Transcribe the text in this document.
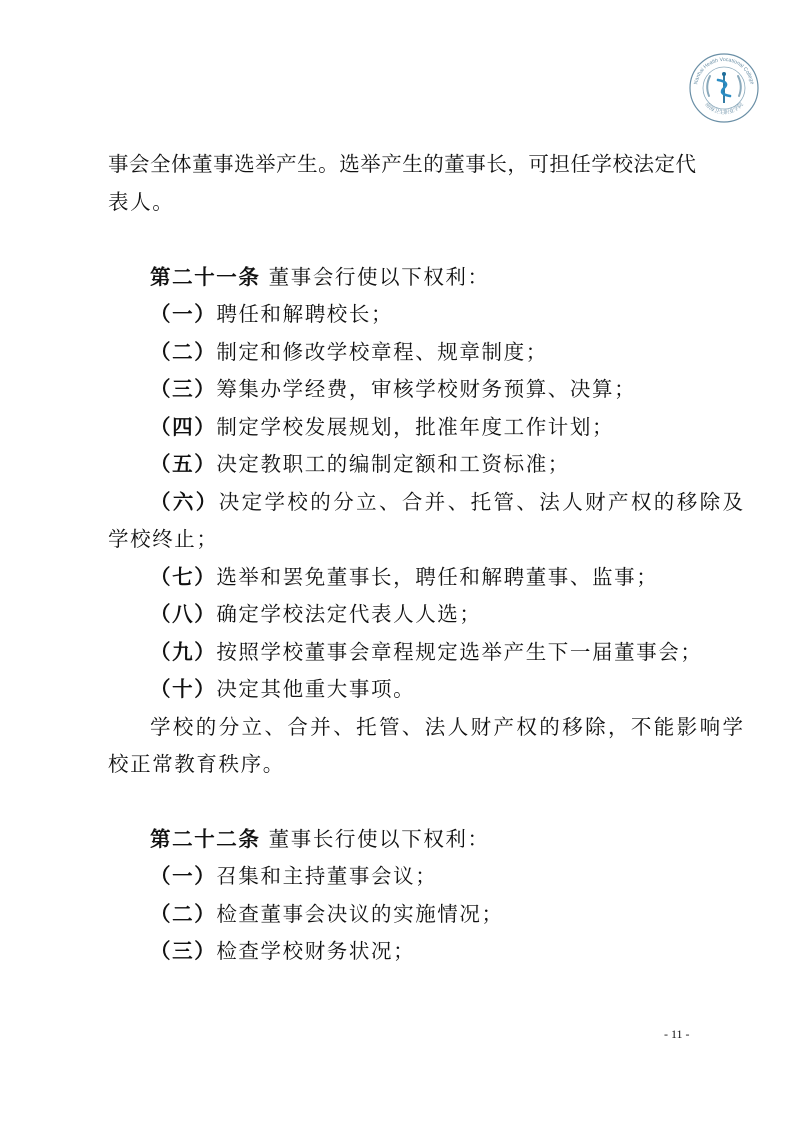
Nanhai Health Vocational College
南海卫生职业学院
事会全体董事选举产生。选举产生的董事长，可担任学校法定代
表人。
第二十一条 董事会行使以下权利：
（一）聘任和解聘校长；
（二）制定和修改学校章程、规章制度；
（三）筹集办学经费，审核学校财务预算、决算；
（四）制定学校发展规划，批准年度工作计划；
（五）决定教职工的编制定额和工资标准；
（六）决定学校的分立、合并、托管、法人财产权的移除及
学校终止；
（七）选举和罢免董事长，聘任和解聘董事、监事；
（八）确定学校法定代表人人选；
（九）按照学校董事会章程规定选举产生下一届董事会；
（十）决定其他重大事项。
学校的分立、合并、托管、法人财产权的移除，不能影响学
校正常教育秩序。
第二十二条 董事长行使以下权利：
（一）召集和主持董事会议；
（二）检查董事会决议的实施情况；
（三）检查学校财务状况；
- 11 -
